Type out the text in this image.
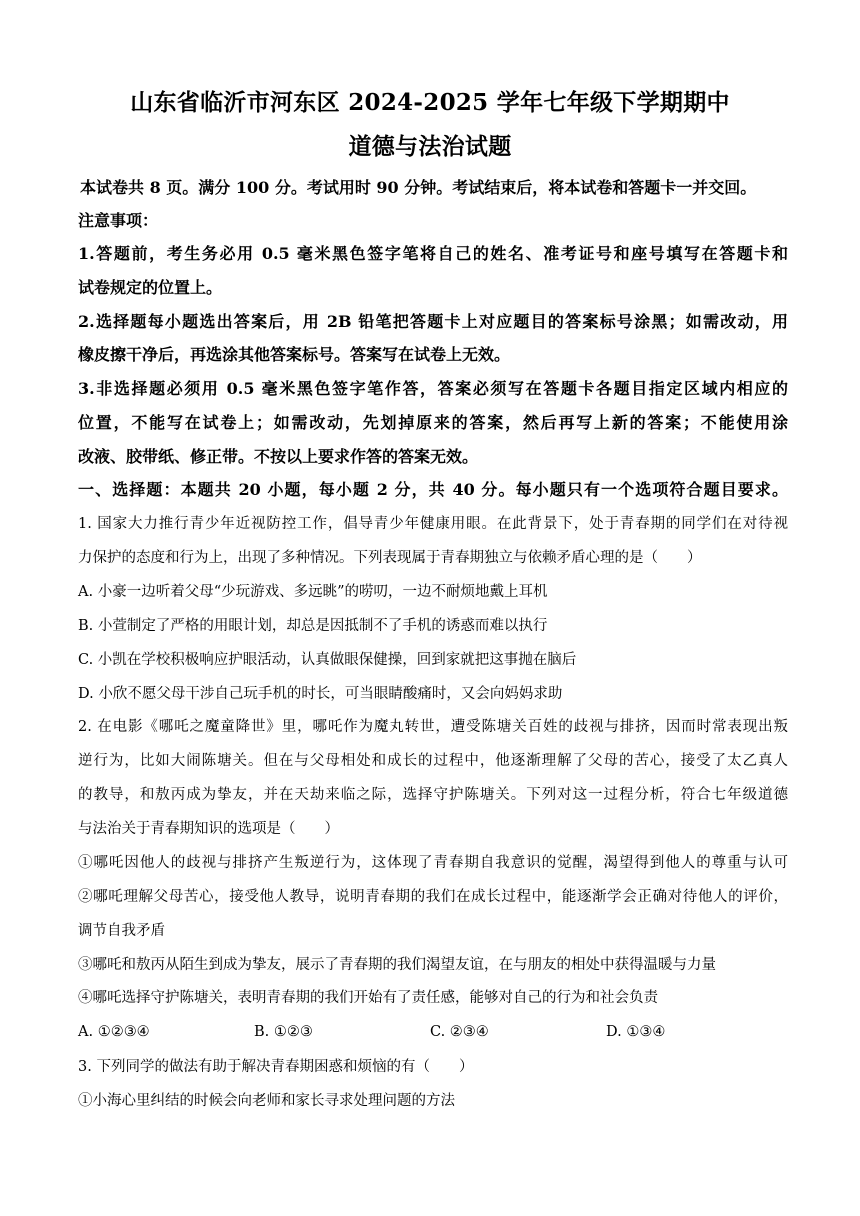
山东省临沂市河东区 2024-2025 学年七年级下学期期中
道德与法治试题
本试卷共 8 页。满分 100 分。考试用时 90 分钟。考试结束后，将本试卷和答题卡一并交回。
注意事项：
1.答题前，考生务必用 0.5 毫米黑色签字笔将自己的姓名、准考证号和座号填写在答题卡和
试卷规定的位置上。
2.选择题每小题选出答案后，用 2B 铅笔把答题卡上对应题目的答案标号涂黑；如需改动，用
橡皮擦干净后，再选涂其他答案标号。答案写在试卷上无效。
3.非选择题必须用 0.5 毫米黑色签字笔作答，答案必须写在答题卡各题目指定区域内相应的
位置，不能写在试卷上；如需改动，先划掉原来的答案，然后再写上新的答案；不能使用涂
改液、胶带纸、修正带。不按以上要求作答的答案无效。
一、选择题：本题共 20 小题，每小题 2 分，共 40 分。每小题只有一个选项符合题目要求。
1. 国家大力推行青少年近视防控工作，倡导青少年健康用眼。在此背景下，处于青春期的同学们在对待视
力保护的态度和行为上，出现了多种情况。下列表现属于青春期独立与依赖矛盾心理的是（　　）
A. 小豪一边听着父母“少玩游戏、多远眺”的唠叨，一边不耐烦地戴上耳机
B. 小萱制定了严格的用眼计划，却总是因抵制不了手机的诱惑而难以执行
C. 小凯在学校积极响应护眼活动，认真做眼保健操，回到家就把这事抛在脑后
D. 小欣不愿父母干涉自己玩手机的时长，可当眼睛酸痛时，又会向妈妈求助
2. 在电影《哪吒之魔童降世》里，哪吒作为魔丸转世，遭受陈塘关百姓的歧视与排挤，因而时常表现出叛
逆行为，比如大闹陈塘关。但在与父母相处和成长的过程中，他逐渐理解了父母的苦心，接受了太乙真人
的教导，和敖丙成为挚友，并在天劫来临之际，选择守护陈塘关。下列对这一过程分析，符合七年级道德
与法治关于青春期知识的选项是（　　）
①哪吒因他人的歧视与排挤产生叛逆行为，这体现了青春期自我意识的觉醒，渴望得到他人的尊重与认可
②哪吒理解父母苦心，接受他人教导，说明青春期的我们在成长过程中，能逐渐学会正确对待他人的评价，
调节自我矛盾
③哪吒和敖丙从陌生到成为挚友，展示了青春期的我们渴望友谊，在与朋友的相处中获得温暖与力量
④哪吒选择守护陈塘关，表明青春期的我们开始有了责任感，能够对自己的行为和社会负责
A. ①②③④	B. ①②③	C. ②③④	D. ①③④
3. 下列同学的做法有助于解决青春期困惑和烦恼的有（　　）
①小海心里纠结的时候会向老师和家长寻求处理问题的方法
